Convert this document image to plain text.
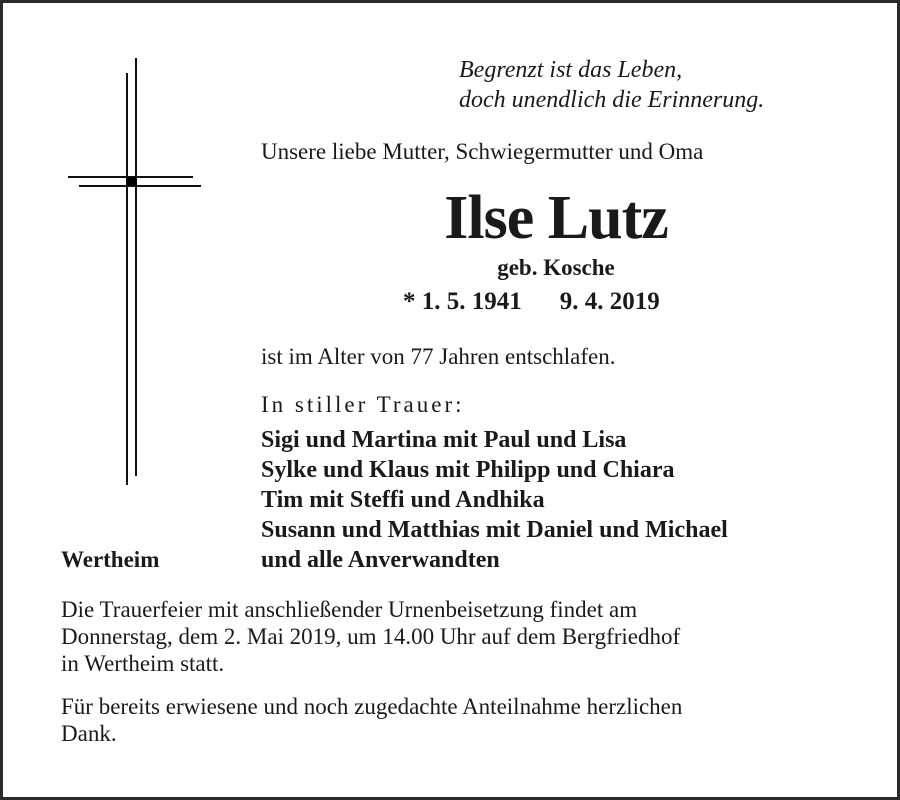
Begrenzt ist das Leben,
doch unendlich die Erinnerung.
Unsere liebe Mutter, Schwiegermutter und Oma
Ilse Lutz
geb. Kosche
* 1. 5. 1941 9. 4. 2019
ist im Alter von 77 Jahren entschlafen.
In stiller Trauer:
Sigi und Martina mit Paul und Lisa
Sylke und Klaus mit Philipp und Chiara
Tim mit Steffi und Andhika
Susann und Matthias mit Daniel und Michael
und alle Anverwandten
Wertheim
Die Trauerfeier mit anschließender Urnenbeisetzung findet am
Donnerstag, dem 2. Mai 2019, um 14.00 Uhr auf dem Bergfriedhof
in Wertheim statt.
Für bereits erwiesene und noch zugedachte Anteilnahme herzlichen
Dank.
